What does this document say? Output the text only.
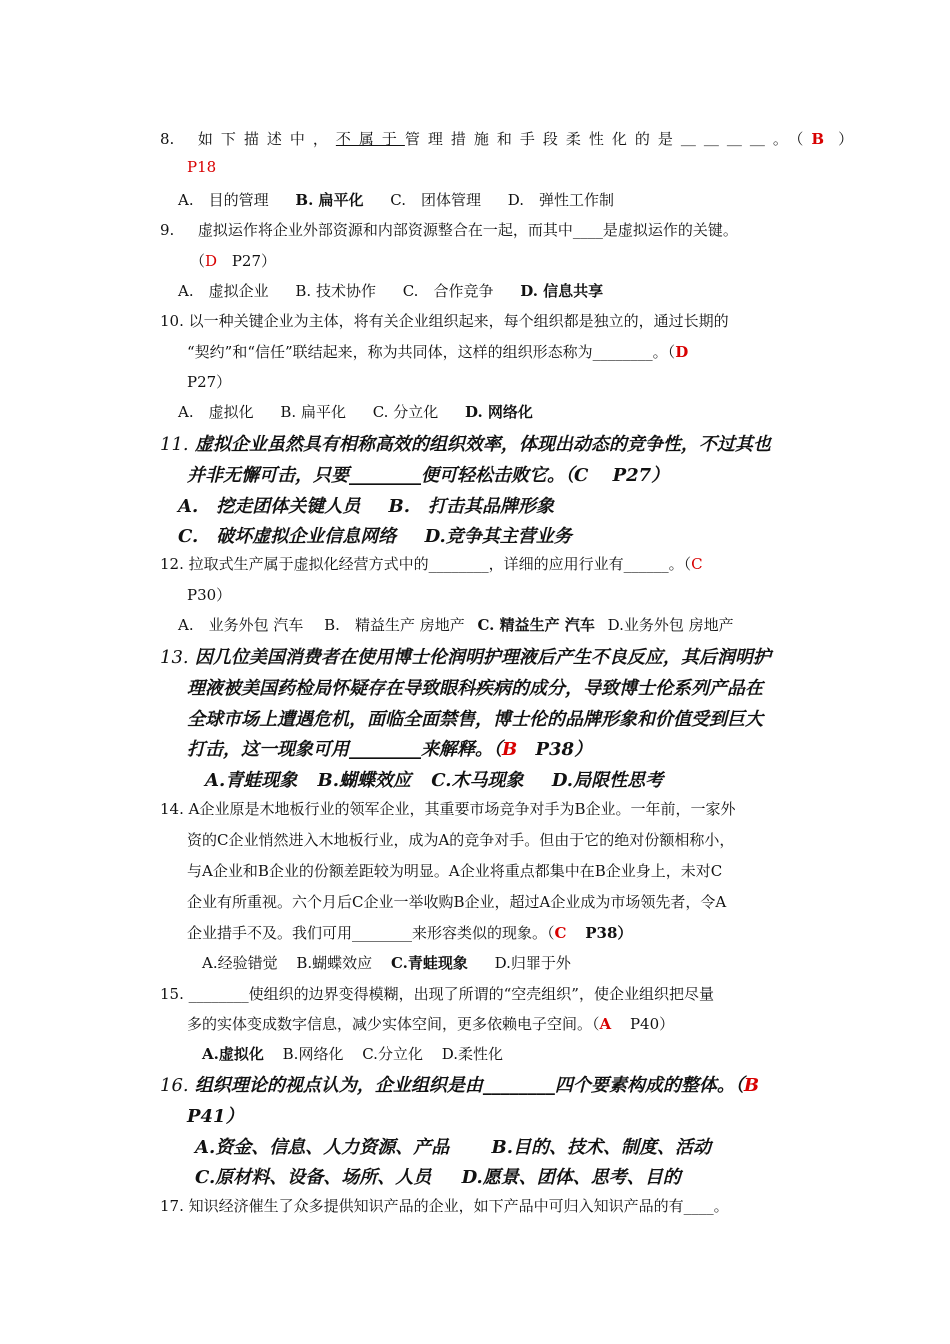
8. 如下描述中，不属于管理措施和手段柔性化的是＿＿＿＿。（B ）
P18
A.　目的管理 B. 扁平化 C.　团体管理 D.　弹性工作制
9. 虚拟运作将企业外部资源和内部资源整合在一起，而其中____是虚拟运作的关键。
（D P27）
A.　虚拟企业 B. 技术协作 C.　合作竞争 D. 信息共享
10. 以一种关键企业为主体，将有关企业组织起来，每个组织都是独立的，通过长期的
“契约”和“信任”联结起来，称为共同体，这样的组织形态称为________。（D
P27）
A.　虚拟化 B. 扁平化 C. 分立化 D. 网络化
11. 虚拟企业虽然具有相称高效的组织效率，体现出动态的竞争性，不过其也
并非无懈可击，只要________便可轻松击败它。（C　 P27）
A.　挖走团体关键人员 B.　打击其品牌形象
C.　破坏虚拟企业信息网络 D.竞争其主营业务
12. 拉取式生产属于虚拟化经营方式中的________，详细的应用行业有______。（C
P30）
A.　业务外包 汽车 B.　精益生产 房地产 C. 精益生产 汽车 D.业务外包 房地产
13. 因几位美国消费者在使用博士伦润明护理液后产生不良反应，其后润明护
理液被美国药检局怀疑存在导致眼科疾病的成分，导致博士伦系列产品在
全球市场上遭遇危机，面临全面禁售，博士伦的品牌形象和价值受到巨大
打击，这一现象可用________来解释。（B P38）
A.青蛙现象 B.蝴蝶效应 C.木马现象 D.局限性思考
14. A企业原是木地板行业的领军企业，其重要市场竞争对手为B企业。一年前，一家外
资的C企业悄然进入木地板行业，成为A的竞争对手。但由于它的绝对份额相称小，
与A企业和B企业的份额差距较为明显。A企业将重点都集中在B企业身上，未对C
企业有所重视。六个月后C企业一举收购B企业，超过A企业成为市场领先者，令A
企业措手不及。我们可用________来形容类似的现象。（C P38）
A.经验错觉 B.蝴蝶效应 C.青蛙现象 D.归罪于外
15. ________使组织的边界变得模糊，出现了所谓的“空壳组织”，使企业组织把尽量
多的实体变成数字信息，减少实体空间，更多依赖电子空间。（A P40）
A.虚拟化 B.网络化 C.分立化 D.柔性化
16. 组织理论的视点认为，企业组织是由________四个要素构成的整体。（B
P41）
A.资金、信息、人力资源、产品 B.目的、技术、制度、活动
C.原材料、设备、场所、人员 D.愿景、团体、思考、目的
17. 知识经济催生了众多提供知识产品的企业，如下产品中可归入知识产品的有____。
